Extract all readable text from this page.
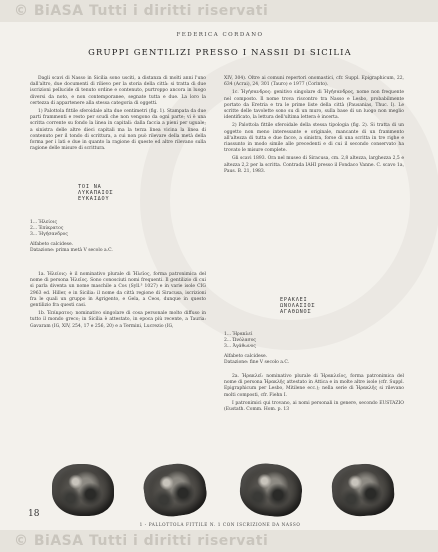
© BiASA Tutti i diritti riservati
FEDERICA CORDANO
GRUPPI GENTILIZI PRESSO I NASSII DI SICILIA

Dagli scavi di Nasso in Sicilia sono usciti, a distanza di molti anni l'uno dall'altro, due documenti di rilievo per la storia della città: si tratta di due iscrizioni pellucide di tenuto ordine e contenuto, purtroppo ancora in luogo diversi da noto, e non contemporanee, segnate tutta e due. La loro la certezza di appartenere alla stessa categoria di oggetti.

1) Palottola fittile sferoidale alta due centimetri (fig. 1). Stampata da due parti frammenti e resto per scudi che non vengono da ogni parte; vi è una scritta corrente su fondo la linea in capitali: dalla faccia a pieni per uguale; a sinistra delle altre dieci capitali ma la terza linea vicina la linea di contenuto per il tondo di scrittura, a cui non può rilevare della metà della forma per i lati e due in quanto la ragione di queste ed altre rilevano sulla ragione delle misure di scrittura.

ΤΟΙ ΝΑ
ΛΥΚΑΠΑΙΟΣ
ΕΥΚΑΙΔΟΥ
1... Ἡλείοις
2... Ἐπίκρατος
3... Ἡγήσανδρος
Alfabeto calcidese.
Datazione: prima metà V secolo a.C.

1a. Ἡλείοις: è il nominativo plurale di Ἡλεῖος, forma patronimica del nome di persona Ἡλεῖος. Sono conosciuti nomi frequenti. Il gentilizio di cui si parla diventa un nome maschile a Cos (Syll.³ 1027) e in varie isole CIG 2963 ed. Hiller, e in Sicilia: il nome da città regione di Siracusa, iscrizioni fra le quali un gruppo in Agrigento, e Gela, a Ceos, dunque in questo gentilizio fra questi casi.

1b. Ἐπίκρατος: nominativo singolare di cosa personale molto diffuso in tutto il mondo greco; in Sicilia è attestato, in epoca più recente, a Tauria: Gavaram (IG, XIV, 254, 17 e 256, 20) e a Termini, Lucrezio (IG,

XIV, 304). Oltre ai comuni repertori onomastici, cfr. Suppl. Epigraphicum, 22, 634 (Acrai), 24, 301 (Tauro) e 1977 (Corinto).

1c. Ἡγήσανδρος: genitivo singolare di Ἡγήσανδρος, nome non frequente nel composto. Il nome trova riscontro tra Nasso e Lesbo, probabilmente portato da Eretria e tra le prime liste della città (Pausanias, Thuc. I). Le scritte delle tavolette sono su di un muro, sulla base di un luogo non meglio identificato, la lettura dell'ultima lettera è incerta.

2) Palottola fittile sferoidale della stessa tipologia (fig. 2). Si tratta di un oggetto non meno interessante e originale, mancante di un frammento all'altezza di tutta e due facce, a sinistra, forse di una scritta in tre righe e riassunto in modo simile alle precedenti e di cui il secondo conservato ha trovato le misure complete.

Gli scavi 1893. Ora nel museo di Siracusa, cm. 2,8 altezza, larghezza 2,5 e altezza 2,2 per la scritta. Contrada IAHI presso il Fondaco Vanne. C. scavo 1a, Paus. B. 21, 1983.

ΕΡΑΚΛΕΙ
ΩΝΟΛΑΣΙΟΣ
ΑΓΑΘΩΝΟΣ
1... Ἡρακλεί
2... Ὠνόλασος
3... Ἀγάθωνος
Alfabeto calcidese.
Datazione: fine V secolo a.C.

2a. Ἡρακλεῖ: nominativo plurale di Ἡρακλεῖος, forma patronimica del nome di persona Ἡρακλῆς attestato in Attica e in molte altre isole (cfr. Suppl. Epigraphicum per Lesbo, Mitilene ecc.); nella serie di Ἡρακλῆς si rilevano molti composti, cfr. Fiehn I.

I patronimici qui trovano, ai nomi personali in genere, secondo EUSTAZIO (Eustath. Comm. Hom. p. 13

1 - PALLOTTOLA FITTILE N. 1 CON ISCRIZIONE DA NASSO
18
© BiASA Tutti i diritti riservati
